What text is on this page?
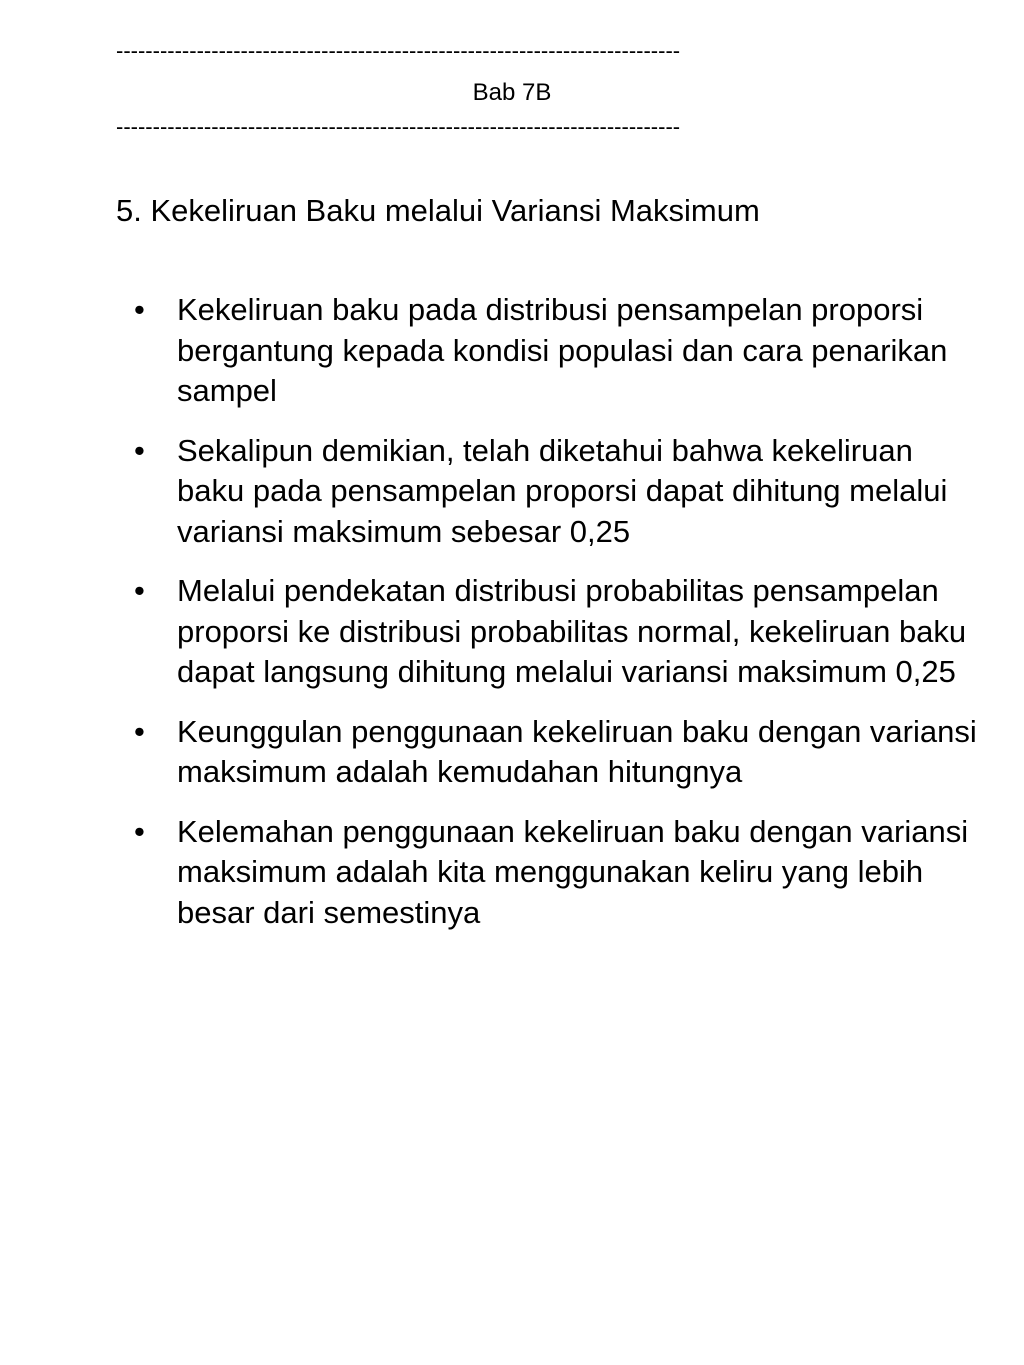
-----------------------------------------------------------------------------
Bab 7B
-----------------------------------------------------------------------------
5. Kekeliruan Baku melalui Variansi Maksimum
• Kekeliruan baku pada distribusi pensampelan proporsi bergantung kepada kondisi populasi dan cara penarikan sampel
• Sekalipun demikian, telah diketahui bahwa kekeliruan baku pada pensampelan proporsi dapat dihitung melalui variansi maksimum sebesar 0,25
• Melalui pendekatan distribusi probabilitas pensampelan proporsi ke distribusi probabilitas normal, kekeliruan baku dapat langsung dihitung melalui variansi maksimum 0,25
• Keunggulan penggunaan kekeliruan baku dengan variansi maksimum adalah kemudahan hitungnya
• Kelemahan penggunaan kekeliruan baku dengan variansi maksimum adalah kita menggunakan keliru yang lebih besar dari semestinya
